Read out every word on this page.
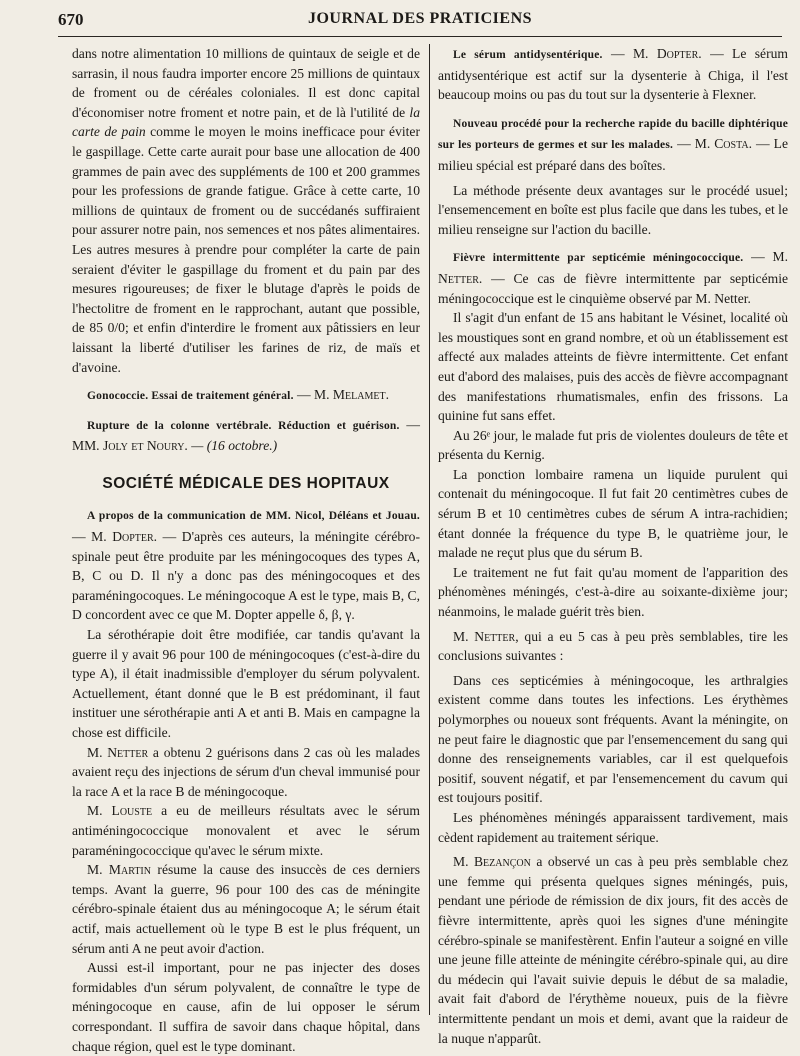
670	JOURNAL DES PRATICIENS

dans notre alimentation 10 millions de quintaux de seigle et de sarrasin, il nous faudra importer encore 25 millions de quintaux de froment ou de céréales coloniales. Il est donc capital d'économiser notre froment et notre pain, et de là l'utilité de la carte de pain comme le moyen le moins inefficace pour éviter le gaspillage. Cette carte aurait pour base une allocation de 400 grammes de pain avec des suppléments de 100 et 200 grammes pour les professions de grande fatigue. Grâce à cette carte, 10 millions de quintaux de froment ou de succédanés suffiraient pour assurer notre pain, nos semences et nos pâtes alimentaires. Les autres mesures à prendre pour compléter la carte de pain seraient d'éviter le gaspillage du froment et du pain par des mesures rigoureuses; de fixer le blutage d'après le poids de l'hectolitre de froment en le rapprochant, autant que possible, de 85 0/0; et enfin d'interdire le froment aux pâtissiers en leur laissant la liberté d'utiliser les farines de riz, de maïs et d'avoine.

Gonococcie. Essai de traitement général. — M. Melamet.

Rupture de la colonne vertébrale. Réduction et guérison. — MM. Joly et Noury. — (16 octobre.)

SOCIÉTÉ MÉDICALE DES HOPITAUX

A propos de la communication de MM. Nicol, Déléans et Jouau. — M. Dopter. — D'après ces auteurs, la méningite cérébro-spinale peut être produite par les méningocoques des types A, B, C ou D. Il n'y a donc pas des méningocoques et des paraméningocoques. Le méningocoque A est le type, mais B, C, D concordent avec ce que M. Dopter appelle δ, β, γ.

La sérothérapie doit être modifiée, car tandis qu'avant la guerre il y avait 96 pour 100 de méningocoques (c'est-à-dire du type A), il était inadmissible d'employer du sérum polyvalent. Actuellement, étant donné que le B est prédominant, il faut instituer une sérothérapie anti A et anti B. Mais en campagne la chose est difficile.

M. Netter a obtenu 2 guérisons dans 2 cas où les malades avaient reçu des injections de sérum d'un cheval immunisé pour la race A et la race B de méningocoque.

M. Louste a eu de meilleurs résultats avec le sérum antiméningococcique monovalent et avec le sérum paraméningococcique qu'avec le sérum mixte.

M. Martin résume la cause des insuccès de ces derniers temps. Avant la guerre, 96 pour 100 des cas de méningite cérébro-spinale étaient dus au méningocoque A; le sérum était actif, mais actuellement où le type B est le plus fréquent, un sérum anti A ne peut avoir d'action.

Aussi est-il important, pour ne pas injecter des doses formidables d'un sérum polyvalent, de connaître le type de méningocoque en cause, afin de lui opposer le sérum correspondant. Il suffira de savoir dans chaque hôpital, dans chaque région, quel est le type dominant.

Le sérum antidysentérique. — M. Dopter. — Le sérum antidysentérique est actif sur la dysenterie à Chiga, il l'est beaucoup moins ou pas du tout sur la dysenterie à Flexner.

Nouveau procédé pour la recherche rapide du bacille diphtérique sur les porteurs de germes et sur les malades. — M. Costa. — Le milieu spécial est préparé dans des boîtes.

La méthode présente deux avantages sur le procédé usuel; l'ensemencement en boîte est plus facile que dans les tubes, et le milieu renseigne sur l'action du bacille.

Fièvre intermittente par septicémie méningococcique. — M. Netter. — Ce cas de fièvre intermittente par septicémie méningococcique est le cinquième observé par M. Netter.

Il s'agit d'un enfant de 15 ans habitant le Vésinet, localité où les moustiques sont en grand nombre, et où un établissement est affecté aux malades atteints de fièvre intermittente. Cet enfant eut d'abord des malaises, puis des accès de fièvre accompagnant des manifestations rhumatismales, enfin des frissons. La quinine fut sans effet.

Au 26ᵉ jour, le malade fut pris de violentes douleurs de tête et présenta du Kernig.

La ponction lombaire ramena un liquide purulent qui contenait du méningocoque. Il fut fait 20 centimètres cubes de sérum B et 10 centimètres cubes de sérum A intra-rachidien; étant donnée la fréquence du type B, le quatrième jour, le malade ne reçut plus que du sérum B.

Le traitement ne fut fait qu'au moment de l'apparition des phénomènes méningés, c'est-à-dire au soixante-dixième jour; néanmoins, le malade guérit très bien.

M. Netter, qui a eu 5 cas à peu près semblables, tire les conclusions suivantes :

Dans ces septicémies à méningocoque, les arthralgies existent comme dans toutes les infections. Les érythèmes polymorphes ou noueux sont fréquents. Avant la méningite, on ne peut faire le diagnostic que par l'ensemencement du sang qui donne des renseignements variables, car il est quelquefois positif, souvent négatif, et par l'ensemencement du cavum qui est toujours positif.

Les phénomènes méningés apparaissent tardivement, mais cèdent rapidement au traitement sérique.

M. Bezançon a observé un cas à peu près semblable chez une femme qui présenta quelques signes méningés, puis, pendant une période de rémission de dix jours, fit des accès de fièvre intermittente, après quoi les signes d'une méningite cérébro-spinale se manifestèrent. Enfin l'auteur a soigné en ville une jeune fille atteinte de méningite cérébro-spinale qui, au dire du médecin qui l'avait suivie depuis le début de sa maladie, avait fait d'abord de l'érythème noueux, puis de la fièvre intermittente pendant un mois et demi, avant que la raideur de la nuque n'apparût.
